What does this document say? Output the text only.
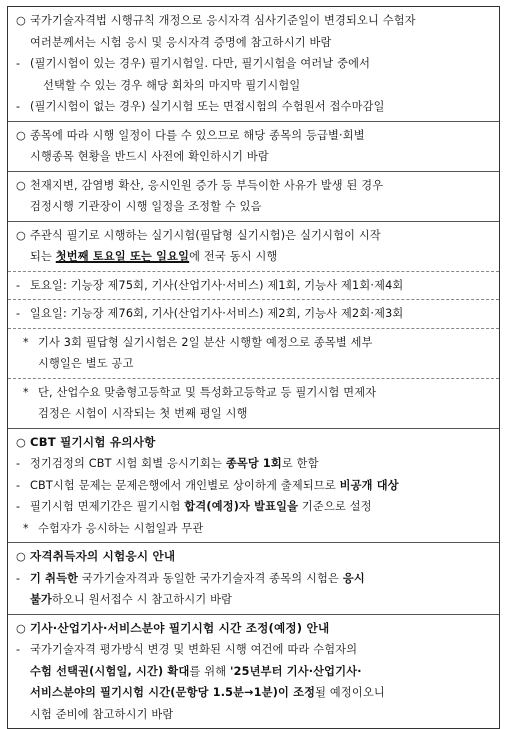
○ 국가기술자격법 시행규칙 개정으로 응시자격 심사기준일이 변경되오니 수험자
여러분께서는 시험 응시 및 응시자격 증명에 참고하시기 바람
- (필기시험이 있는 경우) 필기시험일. 다만, 필기시험을 여러날 중에서
선택할 수 있는 경우 해당 회차의 마지막 필기시험일
- (필기시험이 없는 경우) 실기시험 또는 면접시험의 수험원서 접수마감일
○ 종목에 따라 시행 일정이 다를 수 있으므로 해당 종목의 등급별·회별
시행종목 현황을 반드시 사전에 확인하시기 바람
○ 천재지변, 감염병 확산, 응시인원 증가 등 부득이한 사유가 발생 된 경우
검정시행 기관장이 시행 일정을 조정할 수 있음
○ 주관식 필기로 시행하는 실기시험(필답형 실기시험)은 실기시험이 시작
되는 첫번째 토요일 또는 일요일에 전국 동시 시행
- 토요일: 기능장 제75회, 기사(산업기사·서비스) 제1회, 기능사 제1회·제4회
- 일요일: 기능장 제76회, 기사(산업기사·서비스) 제2회, 기능사 제2회·제3회
* 기사 3회 필답형 실기시험은 2일 분산 시행할 예정으로 종목별 세부
시행일은 별도 공고
* 단, 산업수요 맞춤형고등학교 및 특성화고등학교 등 필기시험 면제자
검정은 시험이 시작되는 첫 번째 평일 시행
○ CBT 필기시험 유의사항
- 정기검정의 CBT 시험 회별 응시기회는 종목당 1회로 한함
- CBT시험 문제는 문제은행에서 개인별로 상이하게 출제되므로 비공개 대상
- 필기시험 면제기간은 필기시험 합격(예정)자 발표일을 기준으로 설정
* 수험자가 응시하는 시험일과 무관
○ 자격취득자의 시험응시 안내
- 기 취득한 국가기술자격과 동일한 국가기술자격 종목의 시험은 응시
불가하오니 원서접수 시 참고하시기 바람
○ 기사·산업기사·서비스분야 필기시험 시간 조정(예정) 안내
- 국가기술자격 평가방식 변경 및 변화된 시행 여건에 따라 수험자의
수험 선택권(시험일, 시간) 확대를 위해 '25년부터 기사·산업기사·
서비스분야의 필기시험 시간(문항당 1.5분→1분)이 조정될 예정이오니
시험 준비에 참고하시기 바람
